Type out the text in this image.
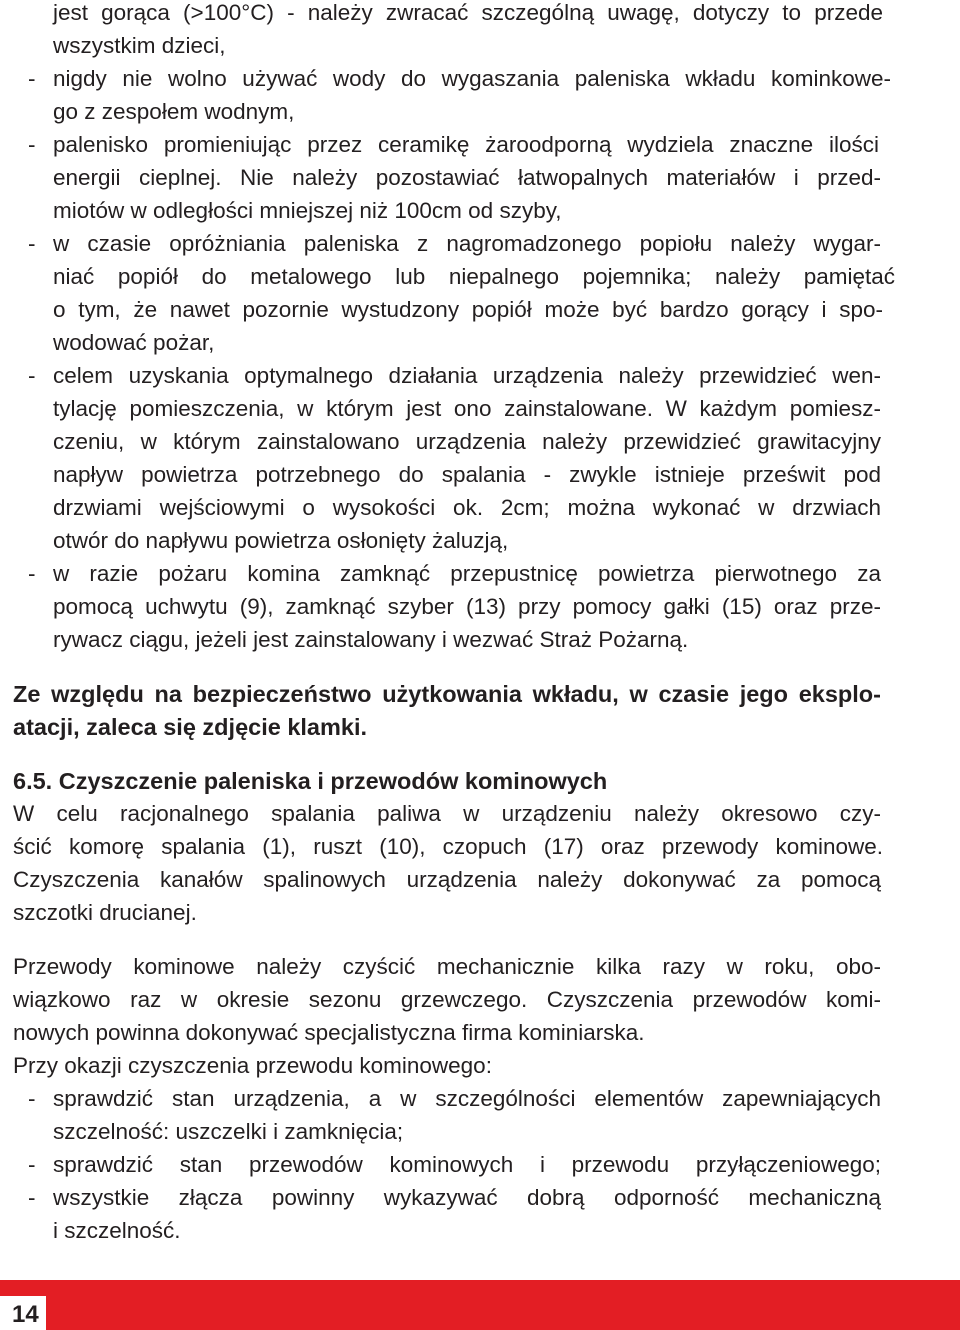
jest gorąca (>100°C) - należy zwracać szczególną uwagę, dotyczy to przede
wszystkim dzieci,
- nigdy nie wolno używać wody do wygaszania paleniska wkładu kominkowe-
go z zespołem wodnym,
- palenisko promieniując przez ceramikę żaroodporną wydziela znaczne ilości
energii cieplnej. Nie należy pozostawiać łatwopalnych materiałów i przed-
miotów w odległości mniejszej niż 100cm od szyby,
- w czasie opróżniania paleniska z nagromadzonego popiołu należy wygar-
niać popiół do metalowego lub niepalnego pojemnika; należy pamiętać
o tym, że nawet pozornie wystudzony popiół może być bardzo gorący i spo-
wodować pożar,
- celem uzyskania optymalnego działania urządzenia należy przewidzieć wen-
tylację pomieszczenia, w którym jest ono zainstalowane. W każdym pomiesz-
czeniu, w którym zainstalowano urządzenia należy przewidzieć grawitacyjny
napływ powietrza potrzebnego do spalania - zwykle istnieje prześwit pod
drzwiami wejściowymi o wysokości ok. 2cm; można wykonać w drzwiach
otwór do napływu powietrza osłonięty żaluzją,
- w razie pożaru komina zamknąć przepustnicę powietrza pierwotnego za
pomocą uchwytu (9), zamknąć szyber (13) przy pomocy gałki (15) oraz prze-
rywacz ciągu, jeżeli jest zainstalowany i wezwać Straż Pożarną.
Ze względu na bezpieczeństwo użytkowania wkładu, w czasie jego eksplo-
atacji, zaleca się zdjęcie klamki.
6.5. Czyszczenie paleniska i przewodów kominowych
W celu racjonalnego spalania paliwa w urządzeniu należy okresowo czy-
ścić komorę spalania (1), ruszt (10), czopuch (17) oraz przewody kominowe.
Czyszczenia kanałów spalinowych urządzenia należy dokonywać za pomocą
szczotki drucianej.
Przewody kominowe należy czyścić mechanicznie kilka razy w roku, obo-
wiązkowo raz w okresie sezonu grzewczego. Czyszczenia przewodów komi-
nowych powinna dokonywać specjalistyczna firma kominiarska.
Przy okazji czyszczenia przewodu kominowego:
- sprawdzić stan urządzenia, a w szczególności elementów zapewniających
szczelność: uszczelki i zamknięcia;
- sprawdzić stan przewodów kominowych i przewodu przyłączeniowego;
- wszystkie złącza powinny wykazywać dobrą odporność mechaniczną
i szczelność.
14
